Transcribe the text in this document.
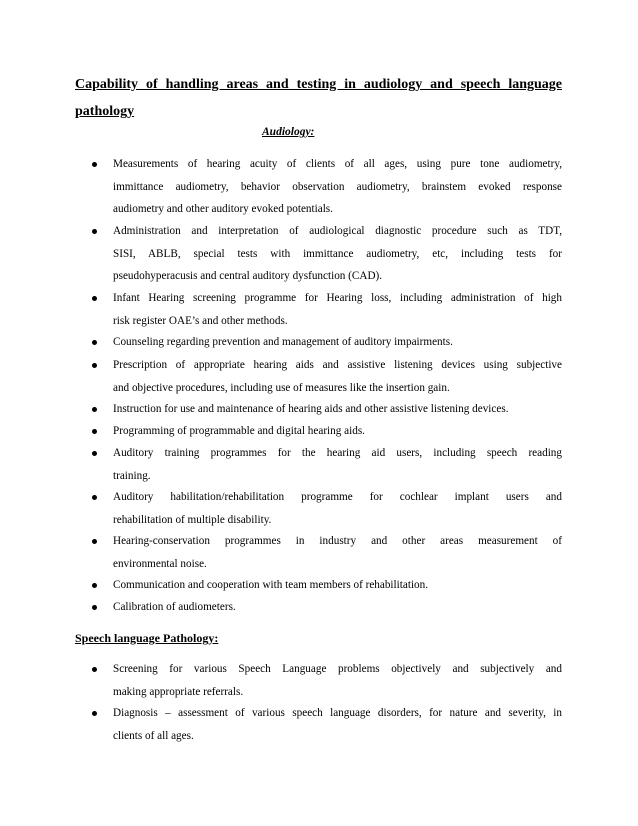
Capability of handling areas and testing in audiology and speech language
pathology
Audiology:
Measurements of hearing acuity of clients of all ages, using pure tone audiometry,
immittance audiometry, behavior observation audiometry, brainstem evoked response
audiometry and other auditory evoked potentials.
Administration and interpretation of audiological diagnostic procedure such as TDT,
SISI, ABLB, special tests with immittance audiometry, etc, including tests for
pseudohyperacusis and central auditory dysfunction (CAD).
Infant Hearing screening programme for Hearing loss, including administration of high
risk register OAE’s and other methods.
Counseling regarding prevention and management of auditory impairments.
Prescription of appropriate hearing aids and assistive listening devices using subjective
and objective procedures, including use of measures like the insertion gain.
Instruction for use and maintenance of hearing aids and other assistive listening devices.
Programming of programmable and digital hearing aids.
Auditory training programmes for the hearing aid users, including speech reading
training.
Auditory habilitation/rehabilitation programme for cochlear implant users and
rehabilitation of multiple disability.
Hearing-conservation programmes in industry and other areas measurement of
environmental noise.
Communication and cooperation with team members of rehabilitation.
Calibration of audiometers.
Speech language Pathology:
Screening for various Speech Language problems objectively and subjectively and
making appropriate referrals.
Diagnosis – assessment of various speech language disorders, for nature and severity, in
clients of all ages.
